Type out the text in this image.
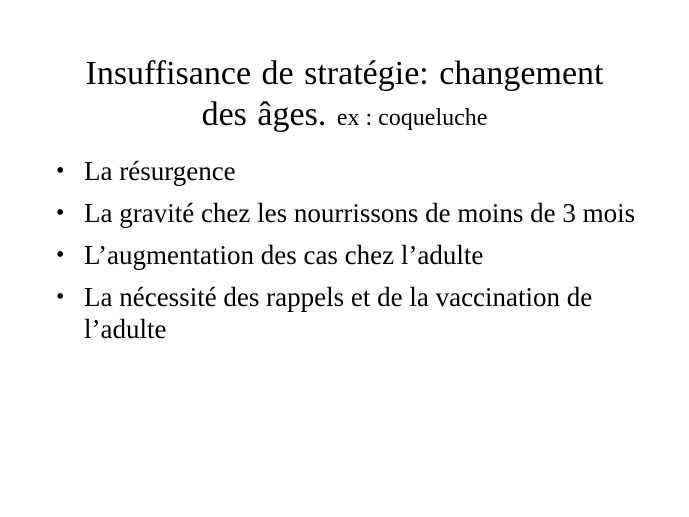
Insuffisance de stratégie: changement des âges. ex : coqueluche
• La résurgence
• La gravité chez les nourrissons de moins de 3 mois
• L’augmentation des cas chez l’adulte
• La nécessité des rappels et de la vaccination de l’adulte
